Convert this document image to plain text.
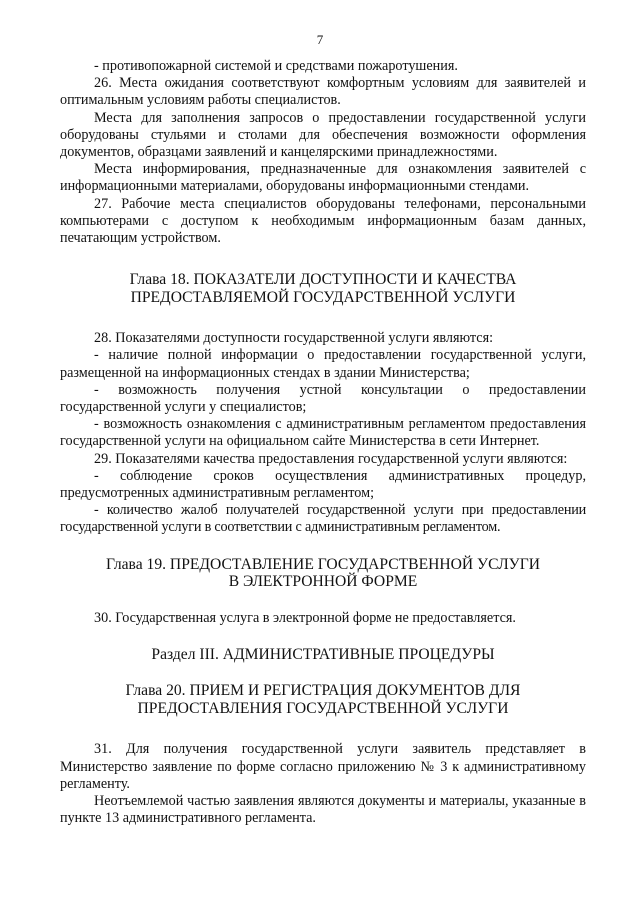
7

- противопожарной системой и средствами пожаротушения.

26. Места ожидания соответствуют комфортным условиям для заявителей и оптимальным условиям работы специалистов.

Места для заполнения запросов о предоставлении государственной услуги оборудованы стульями и столами для обеспечения возможности оформления документов, образцами заявлений и канцелярскими принадлежностями.

Места информирования, предназначенные для ознакомления заявителей с информационными материалами, оборудованы информационными стендами.

27. Рабочие места специалистов оборудованы телефонами, персональными компьютерами с доступом к необходимым информационным базам данных, печатающим устройством.

Глава 18. ПОКАЗАТЕЛИ ДОСТУПНОСТИ И КАЧЕСТВА
ПРЕДОСТАВЛЯЕМОЙ ГОСУДАРСТВЕННОЙ УСЛУГИ

28. Показателями доступности государственной услуги являются:

- наличие полной информации о предоставлении государственной услуги, размещенной на информационных стендах в здании Министерства;

- возможность получения устной консультации о предоставлении государственной услуги у специалистов;

- возможность ознакомления с административным регламентом предоставления государственной услуги на официальном сайте Министерства в сети Интернет.

29. Показателями качества предоставления государственной услуги являются:

- соблюдение сроков осуществления административных процедур, предусмотренных административным регламентом;

- количество жалоб получателей государственной услуги при предоставлении государственной услуги в соответствии с административным регламентом.

Глава 19. ПРЕДОСТАВЛЕНИЕ ГОСУДАРСТВЕННОЙ УСЛУГИ
В ЭЛЕКТРОННОЙ ФОРМЕ

30. Государственная услуга в электронной форме не предоставляется.

Раздел III. АДМИНИСТРАТИВНЫЕ ПРОЦЕДУРЫ
Глава 20. ПРИЕМ И РЕГИСТРАЦИЯ ДОКУМЕНТОВ ДЛЯ
ПРЕДОСТАВЛЕНИЯ ГОСУДАРСТВЕННОЙ УСЛУГИ

31. Для получения государственной услуги заявитель представляет в Министерство заявление по форме согласно приложению № 3 к административному регламенту.

Неотъемлемой частью заявления являются документы и материалы, указанные в пункте 13 административного регламента.
